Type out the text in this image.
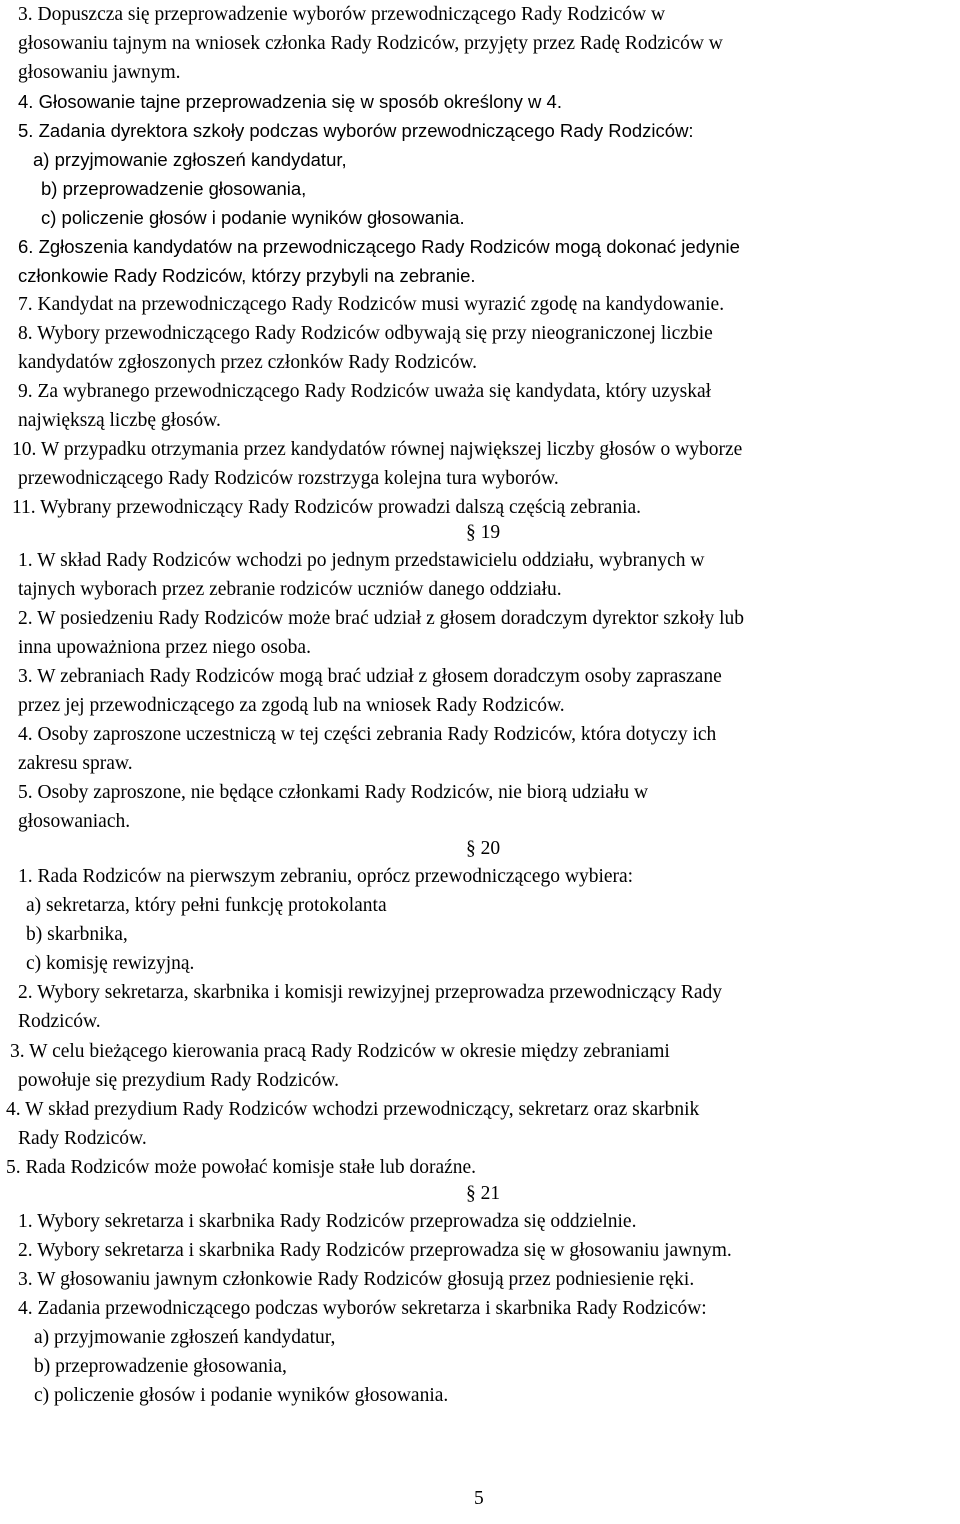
3. Dopuszcza się przeprowadzenie wyborów przewodniczącego Rady Rodziców w
głosowaniu tajnym na wniosek członka Rady Rodziców, przyjęty przez Radę Rodziców w
głosowaniu jawnym.
4. Głosowanie tajne przeprowadzenia się w sposób określony w 4.
5. Zadania dyrektora szkoły podczas wyborów przewodniczącego Rady Rodziców:
a) przyjmowanie zgłoszeń kandydatur,
b) przeprowadzenie głosowania,
c) policzenie głosów i podanie wyników głosowania.
6. Zgłoszenia kandydatów na przewodniczącego Rady Rodziców mogą dokonać jedynie
członkowie Rady Rodziców, którzy przybyli na zebranie.
7. Kandydat na przewodniczącego Rady Rodziców musi wyrazić zgodę na kandydowanie.
8. Wybory przewodniczącego Rady Rodziców odbywają się przy nieograniczonej liczbie
kandydatów zgłoszonych przez członków Rady Rodziców.
9. Za wybranego przewodniczącego Rady Rodziców uważa się kandydata, który uzyskał
największą liczbę głosów.
10. W przypadku otrzymania przez kandydatów równej największej liczby głosów o wyborze
przewodniczącego Rady Rodziców rozstrzyga kolejna tura wyborów.
11. Wybrany przewodniczący Rady Rodziców prowadzi dalszą częścią zebrania.
§ 19
1. W skład Rady Rodziców wchodzi po jednym przedstawicielu oddziału, wybranych w
tajnych wyborach przez zebranie rodziców uczniów danego oddziału.
2. W posiedzeniu Rady Rodziców może brać udział z głosem doradczym dyrektor szkoły lub
inna upoważniona przez niego osoba.
3. W zebraniach Rady Rodziców mogą brać udział z głosem doradczym osoby zapraszane
przez jej przewodniczącego za zgodą lub na wniosek Rady Rodziców.
4. Osoby zaproszone uczestniczą w tej części zebrania Rady Rodziców, która dotyczy ich
zakresu spraw.
5. Osoby zaproszone, nie będące członkami Rady Rodziców, nie biorą udziału w
głosowaniach.
§ 20
1. Rada Rodziców na pierwszym zebraniu, oprócz przewodniczącego wybiera:
a) sekretarza, który pełni funkcję protokolanta
b) skarbnika,
c) komisję rewizyjną.
2. Wybory sekretarza, skarbnika i komisji rewizyjnej przeprowadza przewodniczący Rady
Rodziców.
3. W celu bieżącego kierowania pracą Rady Rodziców w okresie między zebraniami
powołuje się prezydium Rady Rodziców.
4. W skład prezydium Rady Rodziców wchodzi przewodniczący, sekretarz oraz skarbnik
Rady Rodziców.
5. Rada Rodziców może powołać komisje stałe lub doraźne.
§ 21
1. Wybory sekretarza i skarbnika Rady Rodziców przeprowadza się oddzielnie.
2. Wybory sekretarza i skarbnika Rady Rodziców przeprowadza się w głosowaniu jawnym.
3. W głosowaniu jawnym członkowie Rady Rodziców głosują przez podniesienie ręki.
4. Zadania przewodniczącego podczas wyborów sekretarza i skarbnika Rady Rodziców:
a) przyjmowanie zgłoszeń kandydatur,
b) przeprowadzenie głosowania,
c) policzenie głosów i podanie wyników głosowania.
5
